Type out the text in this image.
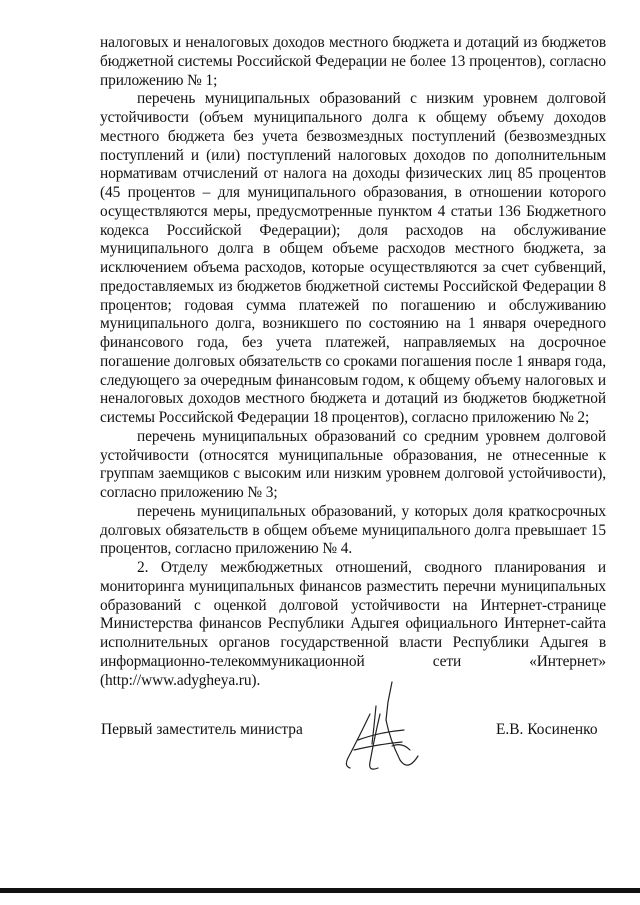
налоговых и неналоговых доходов местного бюджета и дотаций из бюджетов бюджетной системы Российской Федерации не более 13 процентов), согласно приложению № 1;

перечень муниципальных образований с низким уровнем долговой устойчивости (объем муниципального долга к общему объему доходов местного бюджета без учета безвозмездных поступлений (безвозмездных поступлений и (или) поступлений налоговых доходов по дополнительным нормативам отчислений от налога на доходы физических лиц 85 процентов (45 процентов – для муниципального образования, в отношении которого осуществляются меры, предусмотренные пунктом 4 статьи 136 Бюджетного кодекса Российской Федерации); доля расходов на обслуживание муниципального долга в общем объеме расходов местного бюджета, за исключением объема расходов, которые осуществляются за счет субвенций, предоставляемых из бюджетов бюджетной системы Российской Федерации 8 процентов; годовая сумма платежей по погашению и обслуживанию муниципального долга, возникшего по состоянию на 1 января очередного финансового года, без учета платежей, направляемых на досрочное погашение долговых обязательств со сроками погашения после 1 января года, следующего за очередным финансовым годом, к общему объему налоговых и неналоговых доходов местного бюджета и дотаций из бюджетов бюджетной системы Российской Федерации 18 процентов), согласно приложению № 2;

перечень муниципальных образований со средним уровнем долговой устойчивости (относятся муниципальные образования, не отнесенные к группам заемщиков с высоким или низким уровнем долговой устойчивости), согласно приложению № 3;

перечень муниципальных образований, у которых доля краткосрочных долговых обязательств в общем объеме муниципального долга превышает 15 процентов, согласно приложению № 4.

2. Отделу межбюджетных отношений, сводного планирования и мониторинга муниципальных финансов разместить перечни муниципальных образований с оценкой долговой устойчивости на Интернет-странице Министерства финансов Республики Адыгея официального Интернет-сайта исполнительных органов государственной власти Республики Адыгея в информационно-телекоммуникационной сети «Интернет» (http://www.adygheya.ru).

Первый заместитель министра	Е.В. Косиненко
